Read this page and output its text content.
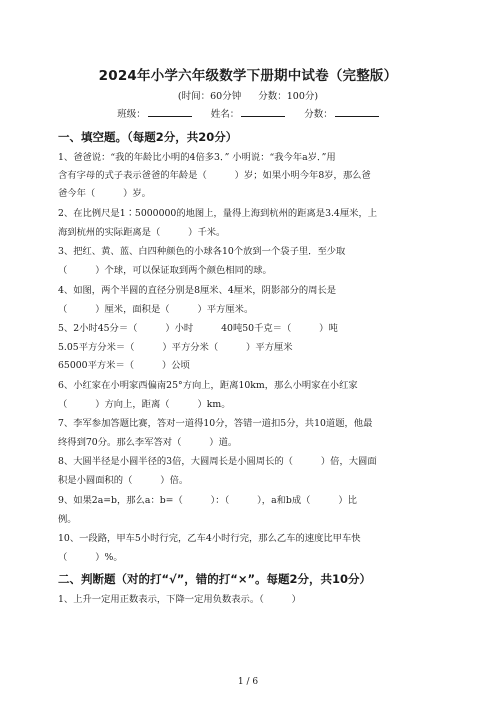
2024年小学六年级数学下册期中试卷（完整版）
(时间：60分钟 分数：100分)
班级：	姓名：	分数：
一、填空题。（每题2分，共20分）
1、爸爸说：“我的年龄比小明的4倍多3．” 小明说：“我今年a岁．”用
含有字母的式子表示爸爸的年龄是（　　　）岁；如果小明今年8岁，那么爸
爸今年（　　　）岁。
2、在比例尺是1∶5000000的地图上，量得上海到杭州的距离是3.4厘米，上
海到杭州的实际距离是（　　　）千米。
3、把红、黄、蓝、白四种颜色的小球各10个放到一个袋子里．至少取
（　　　）个球，可以保证取到两个颜色相同的球。
4、如图，两个半圆的直径分别是8厘米、4厘米，阴影部分的周长是
（　　　）厘米，面积是（　　　）平方厘米。
5、2小时45分＝（　　　）小时　　　40吨50千克＝（　　　）吨
5.05平方分米＝（　　　）平方分米（　　　）平方厘米
65000平方米＝（　　　）公顷
6、小红家在小明家西偏南25°方向上，距离10km，那么小明家在小红家
（　　　）方向上，距离（　　　）km。
7、李军参加答题比赛，答对一道得10分，答错一道扣5分，共10道题，他最
终得到70分。那么李军答对（　　　）道。
8、大圆半径是小圆半径的3倍，大圆周长是小圆周长的（　　　）倍，大圆面
积是小圆面积的（　　　）倍。
9、如果2a=b，那么a：b=（　　　）：（　　　），a和b成（　　　）比
例。
10、一段路，甲车5小时行完，乙车4小时行完，那么乙车的速度比甲车快
（　　　）%。
二、判断题（对的打“√”，错的打“×”。每题2分，共10分）
1、上升一定用正数表示，下降一定用负数表示。（　　　）
1 / 6
